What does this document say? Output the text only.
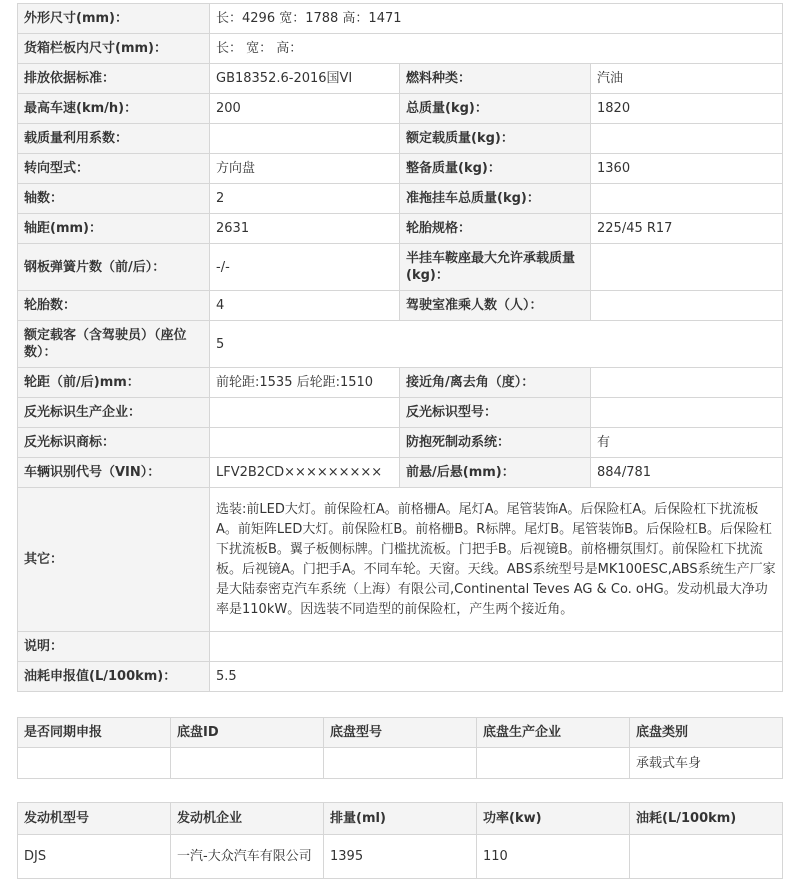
外形尺寸(mm)：	长：4296 宽：1788 高：1471		
货箱栏板内尺寸(mm)：	长： 宽： 高：		
排放依据标准：	GB18352.6-2016国VI	燃料种类：	汽油
最高车速(km/h)：	200	总质量(kg)：	1820
载质量利用系数：		额定载质量(kg)：	
转向型式：	方向盘	整备质量(kg)：	1360
轴数：	2	准拖挂车总质量(kg)：	
轴距(mm)：	2631	轮胎规格：	225/45 R17
钢板弹簧片数（前/后）：	-/-	半挂车鞍座最大允许承载质量(kg)：	
轮胎数：	4	驾驶室准乘人数（人）：	
额定载客（含驾驶员）（座位数）：	5		
轮距（前/后)mm：	前轮距:1535 后轮距:1510	接近角/离去角（度）：	
反光标识生产企业：		反光标识型号：	
反光标识商标：		防抱死制动系统：	有
车辆识别代号（VIN）：	LFV2B2CD×××××××××	前悬/后悬(mm)：	884/781
其它：	选装:前LED大灯。前保险杠A。前格栅A。尾灯A。尾管装饰A。后保险杠A。后保险杠下扰流板A。前矩阵LED大灯。前保险杠B。前格栅B。R标牌。尾灯B。尾管装饰B。后保险杠B。后保险杠下扰流板B。翼子板侧标牌。门槛扰流板。门把手B。后视镜B。前格栅氛围灯。前保险杠下扰流板。后视镜A。门把手A。不同车轮。天窗。天线。ABS系统型号是MK100ESC,ABS系统生产厂家是大陆泰密克汽车系统（上海）有限公司,Continental Teves AG & Co. oHG。发动机最大净功率是110kW。因选装不同造型的前保险杠，产生两个接近角。		
说明：			
油耗申报值(L/100km)：	5.5		
是否同期申报	底盘ID	底盘型号	底盘生产企业	底盘类别
				承载式车身
发动机型号	发动机企业	排量(ml)	功率(kw)	油耗(L/100km)
DJS	一汽-大众汽车有限公司	1395	110	
